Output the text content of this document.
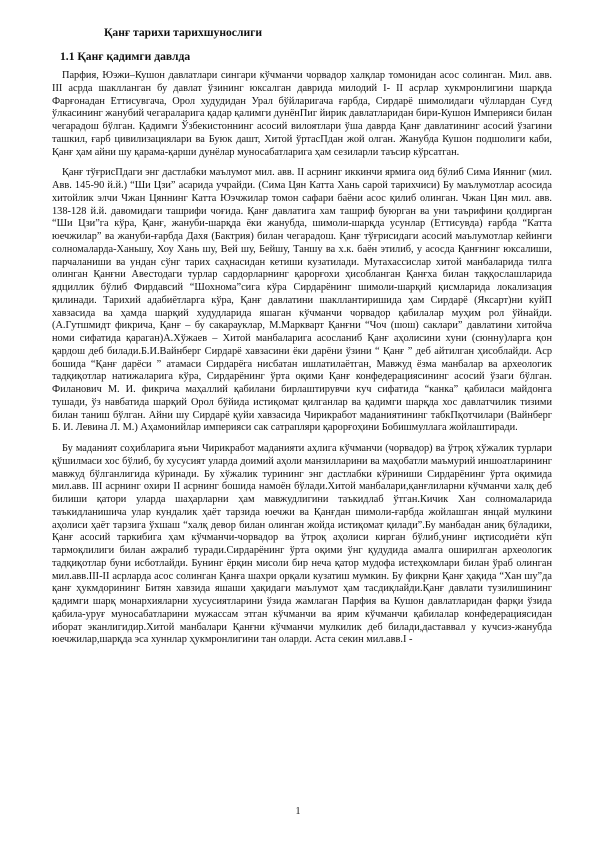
Қанғ тарихи тарихшунослиги
1.1 Қанғ қадимги давлда

Парфия, Юэжи–Кушон давлатлари сингари кўчманчи чорвадор халқлар томонидан асос солинган. Мил. авв. III асрда шаклланган бу давлат ўзининг юксалган даврида милодий I- II асрлар хукмронлигини шарқда Фарғонадан Еттисувгача, Орол худудидан Урал бўйларигача ғарбда, Сирдарё шимолидаги чўллардан Суғд ўлкасининг жанубий чегараларига қадар қалимги дунёнПиг йирик давлатларидан бири-Кушон Империяси билан чегарадош бўлган. Қадимги Ўзбекистоннинг асосий вилоятлари ўша даврда Қанғ давлатининг асосий ўзагини ташкил, ғарб цивилизациялари ва Буюк дашт, Хитой ўртасПдан жой олган. Жанубда Кушон подшолиги каби, Қанғ ҳам айни шу қарама-қарши дунёлар муносабатларига ҳам сезиларли таъсир кўрсатган.

Қанғ тўғрисПдаги энг дастлабки маълумот мил. авв. II асрнинг иккинчи ярмига оид бўлиб Сима Иянниг (мил. Авв. 145-90 й.й.) “Ши Цзи” асарида учрайди. (Сима Цян Катта Хань сарой тарихчиси) Бу маълумотлар асосида хитойлик элчи Чжан Цяннинг Катта Юэчжилар томон сафари баёни асос қилиб олинган. Чжан Цян мил. авв. 138-128 й.й. давомидаги ташрифи чоғида. Қанғ давлатига хам ташриф буюрган ва уни таърифини қолдирган “Ши Цзи”га кўра, Қанғ, жануби-шарқда ёки жанубда, шимоли-шарқда усунлар (Еттисувда) ғарбда “Катта юечжилар” ва жануби-ғарбда Дахя (Бактрия) билан чегарадош. Қанғ тўғрисидаги асосий маълумотлар кейинги солномаларда-Ханьшу, Хоу Хань шу, Вей шу, Бейшу, Таншу ва х.к. баён этилиб, у асосда Қанғнинг юксалиши, парчаланиши ва ундан сўнг тарих саҳнасидан кетиши кузатилади. Мутахассислар хитой манбаларида тилга олинган Қанғни Авестодаги турлар сардорларнинг қарорғохи ҳисобланган Қанғха билан таққослашларида ядциллик бўлиб Фирдавсий “Шохнома”сига кўра Сирдарёнинг шимоли-шарқий қисмларида локализация қилинади. Тарихий адабиётларга кўра, Қанғ давлатини шакллантиришида ҳам Сирдарё (Яксарт)ни куйП хавзасида ва ҳамда шарқий худудларида яшаган кўчманчи чорвадор қабилалар муҳим рол ўйнайди. (А.Гутшмидт фикрича, Қанғ – бу сакарауклар, М.Маркварт Қанғни “Чоч (шош) саклари” давлатини хитойча номи сифатида қараган)А.Хўжаев – Хитой манбаларига асосланиб Қанғ аҳолисини хуни (сюнну)ларга қон қардош деб билади.Б.И.Вайнберг Сирдарё хавзасини ёки дарёни ўзини “ Қанғ ” деб айтилган ҳисоблайди. Аср бошида “Қанғ дарёси ” атамаси Сирдарёга нисбатан ишлатилаётган, Мавжуд ёзма манбалар ва археологик тадқиқотлар натижаларига кўра, Сирдарёнинг ўрта оқими Қанғ конфедерациясининг асосий ўзаги бўлган. Филанович М. И. фикрича маҳаллий қабилани бирлаштирувчи куч сифатида “канка” қабиласи майдонга тушади, ўз навбатида шарқий Орол бўйида истиқомат қилганлар ва қадимги шарқда хос давлатчилик тизими билан таниш бўлган. Айни шу Сирдарё қуйи хавзасида Чирикработ маданиятининг табкПқотчилари (Вайнберг Б. И. Левина Л. М.) Аҳамонийлар империяси сак сатрапляри қарорғоҳини Бобишмуллага жойлаштиради.

Бу маданият соҳибларига яъни Чирикработ маданияти аҳлига кўчманчи (чорвадор) ва ўтроқ хўжалик турлари қўшилмаси хос бўлиб, бу хусусият уларда доимий аҳоли манзилларини ва маҳобатли маъмурий иншоатларининг мавжуд бўлганлигида кўринади. Бу хўжалик турининг энг дастлабки кўриниши Сирдарёнинг ўрта оқимида мил.авв. III асрнинг охири II асрнинг бошида намоён бўлади.Хитой манбалари,қанғлиларни кўчманчи халқ деб билиши қатори уларда шаҳарларни ҳам мавжудлигини таъкидлаб ўтган.Кичик Хан солномаларида таъкидланишича улар кундалик ҳаёт тарзида юечжи ва Қанғдан шимоли-ғарбда жойлашган янцай мулкини аҳолиси ҳаёт тарзига ўхшаш “халқ девор билан олинган жойда истиқомат қилади”.Бу манбадан аниқ бўладики, Қанғ асосий таркибига ҳам кўчманчи-чорвадор ва ўтроқ аҳолиси кирган бўлиб,унинг иқтисодиёти кўп тармоқлилиги билан ажралиб туради.Сирдарёнинг ўрта оқими ўнг қудудида амалга оширилган археологик тадқиқотлар буни исботлайди. Бунинг ёрқин мисоли бир неча қатор мудофа истеҳкомлари билан ўраб олинган мил.авв.III-II асрларда асос солинган Қанға шахри орқали кузатиш мумкин. Бу фикрни Қанғ ҳақида “Хан шу”да қанғ ҳукмдорининг Битян хавзида яшаши ҳақидаги маълумот ҳам тасдиқлайди.Қанғ давлати тузилишининг қадимги шарқ монархияларни хусусиятларини ўзида жамлаган Парфия ва Кушон давлатларидан фарқи ўзида қабила-уруғ муносабатларини мужассам этган кўчманчи ва ярим кўчманчи қабилалар конфедерациясидан иборат эканлигидир.Хитой манбалари Қанғни кўчманчи мулкилик деб билади,даставвал у кучсиз-жанубда юечжилар,шарқда эса хуннлар ҳукмронлигини тан оларди. Аста секин мил.авв.I -

1
